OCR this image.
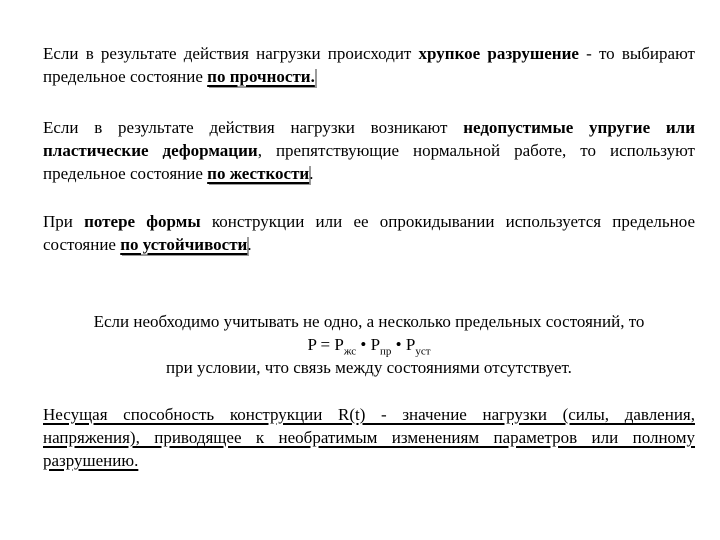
Если в результате действия нагрузки происходит хрупкое разрушение - то выбирают предельное состояние по прочности.

Если в результате действия нагрузки возникают недопустимые упругие или пластические деформации, препятствующие нормальной работе, то используют предельное состояние по жесткости.

При потере формы конструкции или ее опрокидывании используется предельное состояние по устойчивости.

Если необходимо учитывать не одно, а несколько предельных состояний, то
$P = P_{жс}$ • $P_{пр}$ • $P_{уст}$
при условии, что связь между состояниями отсутствует.

Несущая способность конструкции R(t) - значение нагрузки (силы, давления, напряжения), приводящее к необратимым изменениям параметров или полному разрушению.
